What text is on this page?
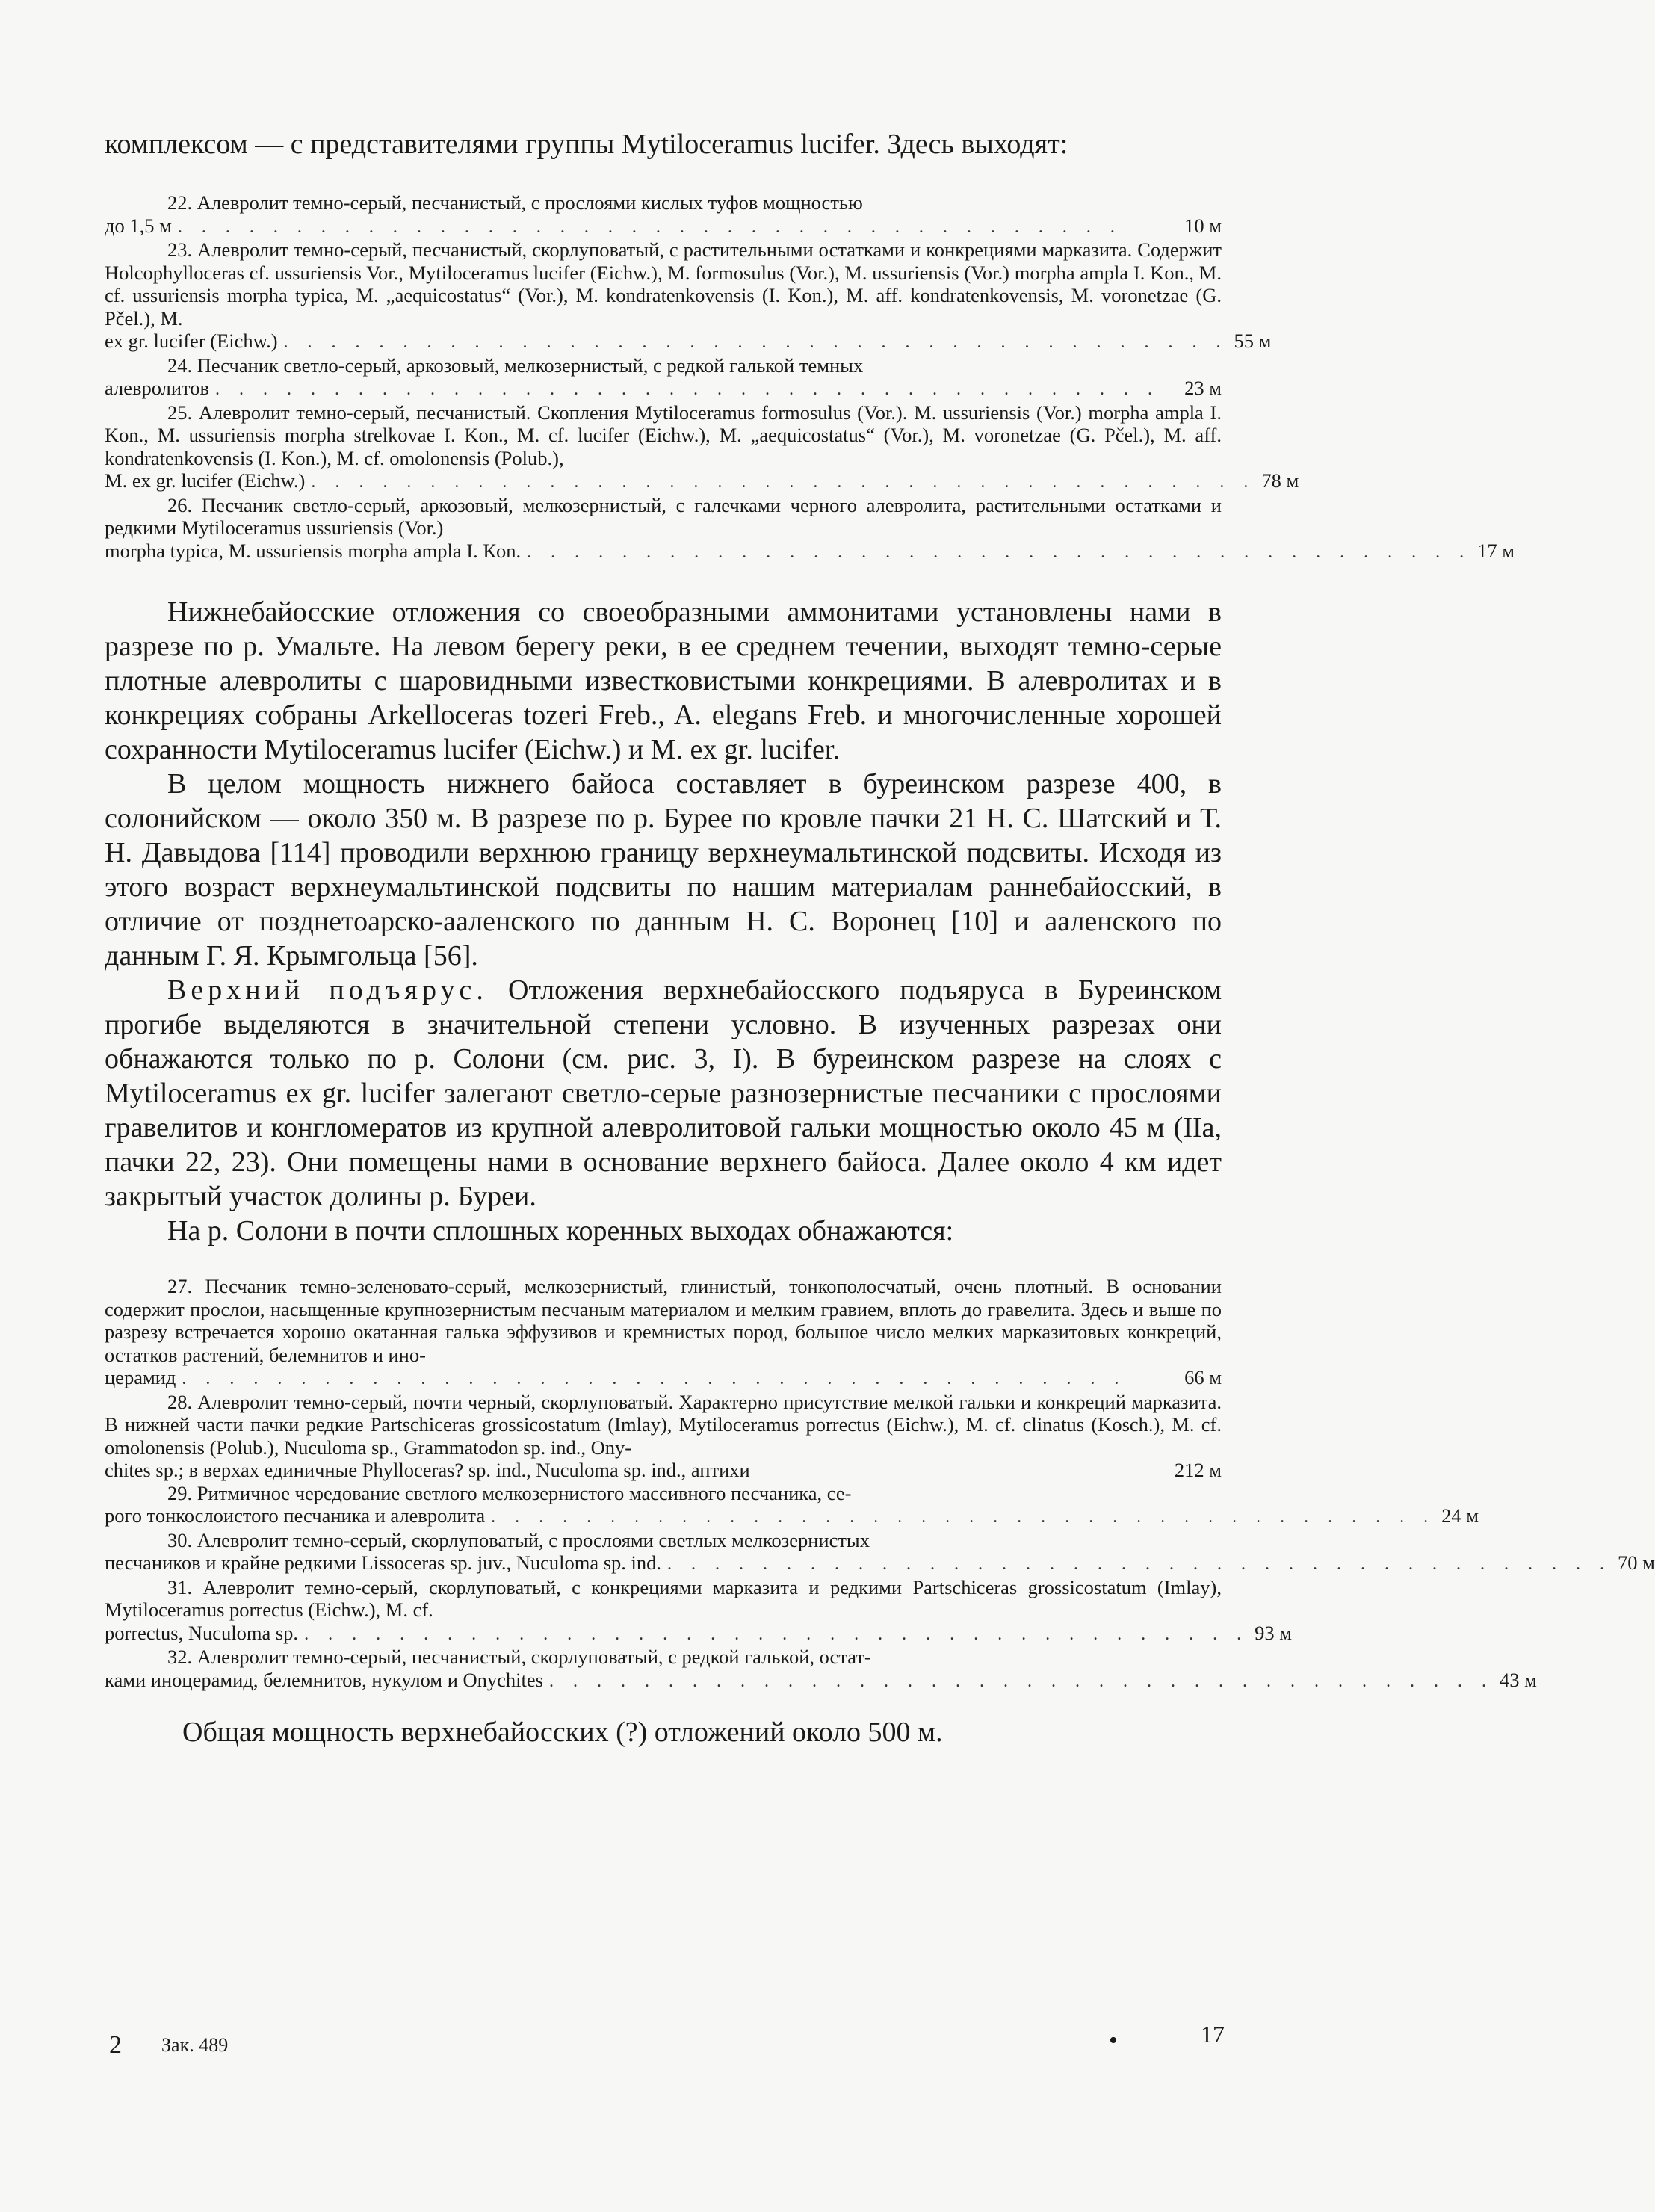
комплексом — с представителями группы Mytiloceramus lucifer. Здесь выходят:

22. Алевролит темно-серый, песчанистый, с прослоями кислых туфов мощностью
до 1,5 м . . . . . . . . . . . . . . . . . . . . . . . . . . . . . . . . . . . . . . . .	10 м
23. Алевролит темно-серый, песчанистый, скорлуповатый, с растительными остатками и конкрециями марказита. Содержит Holcophylloceras cf. ussuriensis Vor., Mytiloceramus lucifer (Eichw.), M. formosulus (Vor.), M. ussuriensis (Vor.) morpha ampla I. Kon., M. cf. ussuriensis morpha typica, M. „aequicostatus“ (Vor.), M. kondratenkovensis (I. Kon.), M. aff. kondratenkovensis, M. voronetzae (G. Pčel.), M.
ex gr. lucifer (Eichw.) . . . . . . . . . . . . . . . . . . . . . . . . . . . . . . . . . . . . . . . . 55 м
24. Песчаник светло-серый, аркозовый, мелкозернистый, с редкой галькой темных
алевролитов . . . . . . . . . . . . . . . . . . . . . . . . . . . . . . . . . . . . . . . .	23 м
25. Алевролит темно-серый, песчанистый. Скопления Mytiloceramus formosulus (Vor.). M. ussuriensis (Vor.) morpha ampla I. Kon., M. ussuriensis morpha strelkovae I. Kon., M. cf. lucifer (Eichw.), M. „aequicostatus“ (Vor.), M. voronetzae (G. Pčel.), M. aff. kondratenkovensis (I. Kon.), M. cf. omolonensis (Polub.),
M. ex gr. lucifer (Eichw.) . . . . . . . . . . . . . . . . . . . . . . . . . . . . . . . . . . . . . . . . 78 м
26. Песчаник светло-серый, аркозовый, мелкозернистый, с галечками черного алевролита, растительными остатками и редкими Mytiloceramus ussuriensis (Vor.)
morpha typica, M. ussuriensis morpha ampla I. Кon. . . . . . . . . . . . . . . . . . . . . . . . . . . . . . . . . . . . . . . . . 17 м

Нижнебайосские отложения со своеобразными аммонитами установлены нами в разрезе по р. Умальте. На левом берегу реки, в ее среднем течении, выходят темно-серые плотные алевролиты с шаровидными известковистыми конкрециями. В алевролитах и в конкрециях собраны Arkelloceras tozeri Freb., A. elegans Freb. и многочисленные хорошей сохранности Mytiloceramus lucifer (Eichw.) и M. ex gr. lucifer.

В целом мощность нижнего байоса составляет в буреинском разрезе 400, в солонийском — около 350 м. В разрезе по р. Бурее по кровле пачки 21 Н. С. Шатский и Т. Н. Давыдова [114] проводили верхнюю границу верхнеумальтинской подсвиты. Исходя из этого возраст верхнеумальтинской подсвиты по нашим материалам раннебайосский, в отличие от позднетоарско-ааленского по данным Н. С. Воронец [10] и ааленского по данным Г. Я. Крымгольца [56].

Верхний подъярус. Отложения верхнебайосского подъяруса в Буреинском прогибе выделяются в значительной степени условно. В изученных разрезах они обнажаются только по р. Солони (см. рис. 3, I). В буреинском разрезе на слоях с Mytiloceramus ex gr. lucifer залегают светло-серые разнозернистые песчаники с прослоями гравелитов и конгломератов из крупной алевролитовой гальки мощностью около 45 м (IIa, пачки 22, 23). Они помещены нами в основание верхнего байоса. Далее около 4 км идет закрытый участок долины р. Буреи.

На р. Солони в почти сплошных коренных выходах обнажаются:

27. Песчаник темно-зеленовато-серый, мелкозернистый, глинистый, тонкополосчатый, очень плотный. В основании содержит прослои, насыщенные крупнозернистым песчаным материалом и мелким гравием, вплоть до гравелита. Здесь и выше по разрезу встречается хорошо окатанная галька эффузивов и кремнистых пород, большое число мелких марказитовых конкреций, остатков растений, белемнитов и ино-
церамид . . . . . . . . . . . . . . . . . . . . . . . . . . . . . . . . . . . . . . . .	66 м
28. Алевролит темно-серый, почти черный, скорлуповатый. Характерно присутствие мелкой гальки и конкреций марказита. В нижней части пачки редкие Partschiceras grossicostatum (Imlay), Mytiloceramus porrectus (Eichw.), M. cf. clinatus (Kosch.), M. cf. omolonensis (Polub.), Nuculoma sp., Grammatodon sp. ind., Ony-
chites sp.; в верхах единичные Phylloceras? sp. ind., Nuculoma sp. ind., аптихи	212 м
29. Ритмичное чередование светлого мелкозернистого массивного песчаника, се-
рого тонкослоистого песчаника и алевролита . . . . . . . . . . . . . . . . . . . . . . . . . . . . . . . . . . . . . . . . 24 м
30. Алевролит темно-серый, скорлуповатый, с прослоями светлых мелкозернистых
песчаников и крайне редкими Lissoceras sp. juv., Nuculoma sp. ind. . . . . . . . . . . . . . . . . . . . . . . . . . . . . . . . . . . . . . . . . 70 м
31. Алевролит темно-серый, скорлуповатый, с конкрециями марказита и редкими Partschiceras grossicostatum (Imlay), Mytiloceramus porrectus (Eichw.), M. cf.
porrectus, Nuculoma sp. . . . . . . . . . . . . . . . . . . . . . . . . . . . . . . . . . . . . . . . . 93 м
32. Алевролит темно-серый, песчанистый, скорлуповатый, с редкой галькой, остат-
ками иноцерамид, белемнитов, нукулом и Onychites . . . . . . . . . . . . . . . . . . . . . . . . . . . . . . . . . . . . . . . . 43 м

Общая мощность верхнебайосских (?) отложений около 500 м.

2 Зак. 489	•	17
